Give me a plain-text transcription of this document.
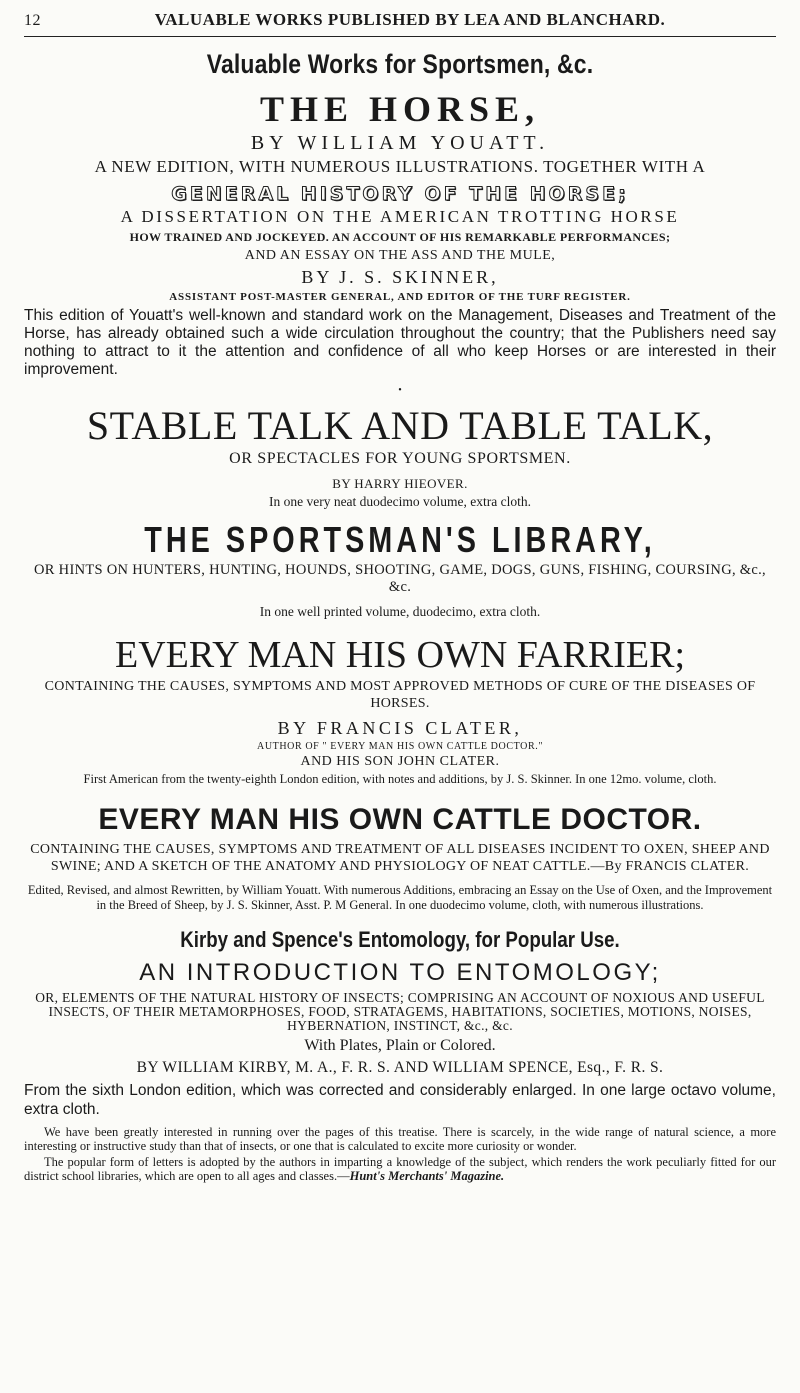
12	VALUABLE WORKS PUBLISHED BY LEA AND BLANCHARD.
Valuable Works for Sportsmen, &c.
THE HORSE,
BY WILLIAM YOUATT.
A NEW EDITION, WITH NUMEROUS ILLUSTRATIONS. TOGETHER WITH A
GENERAL HISTORY OF THE HORSE;
A DISSERTATION ON THE AMERICAN TROTTING HORSE
HOW TRAINED AND JOCKEYED. AN ACCOUNT OF HIS REMARKABLE PERFORMANCES;
AND AN ESSAY ON THE ASS AND THE MULE,
BY J. S. SKINNER,
ASSISTANT POST-MASTER GENERAL, AND EDITOR OF THE TURF REGISTER.

This edition of Youatt's well-known and standard work on the Management, Diseases and Treatment of the Horse, has already obtained such a wide circulation throughout the country; that the Publishers need say nothing to attract to it the attention and confidence of all who keep Horses or are interested in their improvement.

•
STABLE TALK AND TABLE TALK,
OR SPECTACLES FOR YOUNG SPORTSMEN.
BY HARRY HIEOVER.
In one very neat duodecimo volume, extra cloth.
THE SPORTSMAN'S LIBRARY,
OR HINTS ON HUNTERS, HUNTING, HOUNDS, SHOOTING, GAME, DOGS, GUNS, FISHING, COURSING, &c., &c.
In one well printed volume, duodecimo, extra cloth.
EVERY MAN HIS OWN FARRIER;
CONTAINING THE CAUSES, SYMPTOMS AND MOST APPROVED METHODS OF CURE OF THE DISEASES OF HORSES.
BY FRANCIS CLATER,
AUTHOR OF " EVERY MAN HIS OWN CATTLE DOCTOR."
AND HIS SON JOHN CLATER.
First American from the twenty-eighth London edition, with notes and additions, by J. S. Skinner. In one 12mo. volume, cloth.
EVERY MAN HIS OWN CATTLE DOCTOR.
CONTAINING THE CAUSES, SYMPTOMS AND TREATMENT OF ALL DISEASES INCIDENT TO OXEN, SHEEP AND SWINE; AND A SKETCH OF THE ANATOMY AND PHYSIOLOGY OF NEAT CATTLE.—By FRANCIS CLATER.
Edited, Revised, and almost Rewritten, by William Youatt. With numerous Additions, embracing an Essay on the Use of Oxen, and the Improvement in the Breed of Sheep, by J. S. Skinner, Asst. P. M General. In one duodecimo volume, cloth, with numerous illustrations.
Kirby and Spence's Entomology, for Popular Use.
AN INTRODUCTION TO ENTOMOLOGY;
OR, ELEMENTS OF THE NATURAL HISTORY OF INSECTS; COMPRISING AN ACCOUNT OF NOXIOUS AND USEFUL INSECTS, OF THEIR METAMORPHOSES, FOOD, STRATAGEMS, HABITATIONS, SOCIETIES, MOTIONS, NOISES, HYBERNATION, INSTINCT, &c., &c.
With Plates, Plain or Colored.
BY WILLIAM KIRBY, M. A., F. R. S. AND WILLIAM SPENCE, Esq., F. R. S.

From the sixth London edition, which was corrected and considerably enlarged. In one large octavo volume, extra cloth.

We have been greatly interested in running over the pages of this treatise. There is scarcely, in the wide range of natural science, a more interesting or instructive study than that of insects, or one that is calculated to excite more curiosity or wonder.

The popular form of letters is adopted by the authors in imparting a knowledge of the subject, which renders the work peculiarly fitted for our district school libraries, which are open to all ages and classes.—Hunt's Merchants' Magazine.
